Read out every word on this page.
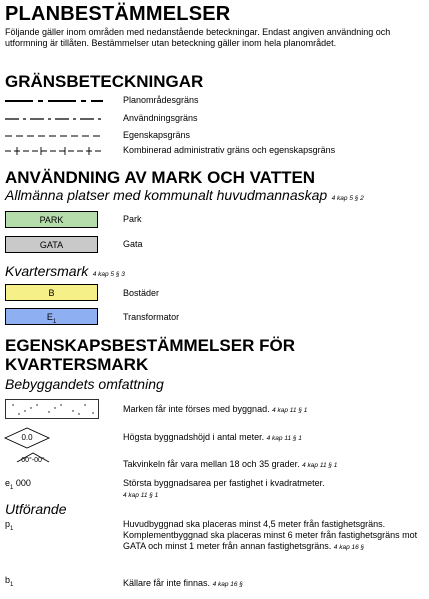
PLANBESTÄMMELSER
Följande gäller inom områden med nedanstående beteckningar. Endast angiven användning och utformning är tillåten. Bestämmelser utan beteckning gäller inom hela planområdet.
GRÄNSBETECKNINGAR
Planområdesgräns
Användningsgräns
Egenskapsgräns
Kombinerad administrativ gräns och egenskapsgräns
ANVÄNDNING AV MARK OCH VATTEN
Allmänna platser med kommunalt huvudmannaskap 4 kap 5 § 2
PARK	Park
GATA	Gata
Kvartersmark 4 kap 5 § 3
B	Bostäder
$E_1$	Transformator
EGENSKAPSBESTÄMMELSER FÖR
KVARTERSMARK
Bebyggandets omfattning
Marken får inte förses med byggnad. 4 kap 11 § 1
0.0	Högsta byggnadshöjd i antal meter. 4 kap 11 § 1
00°-00°	Takvinkeln får vara mellan 18 och 35 grader. 4 kap 11 § 1
$e_1$ 000	Största byggnadsarea per fastighet i kvadratmeter.
4 kap 11 § 1
Utförande
$p_1$	Huvudbyggnad ska placeras minst 4,5 meter från fastighetsgräns. Komplementbyggnad ska placeras minst 6 meter från fastighetsgräns mot GATA och minst 1 meter från annan fastighetsgräns. 4 kap 16 §
$b_1$	Källare får inte finnas. 4 kap 16 §
